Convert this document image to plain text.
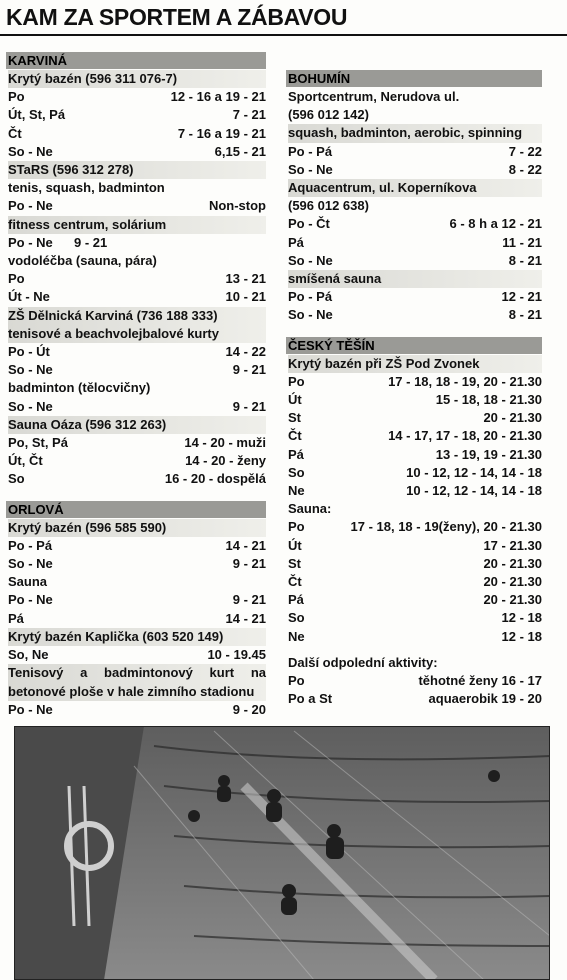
KAM ZA SPORTEM A ZÁBAVOU
KARVINÁ
Krytý bazén (596 311 076-7)
Po	12 - 16 a 19 - 21
Út, St, Pá	7 - 21
Čt	7 - 16 a 19 - 21
So - Ne	6,15 - 21
STaRS (596 312 278)
tenis, squash, badminton
Po - Ne	Non-stop
fitness centrum, solárium
Po - Ne	9 - 21
vodoléčba (sauna, pára)
Po	13 - 21
Út - Ne	10 - 21
ZŠ Dělnická Karviná (736 188 333) tenisové a beachvolejbalové kurty
Po - Út	14 - 22
So - Ne	9 - 21
badminton (tělocvičny)
So - Ne	9 - 21
Sauna Oáza (596 312 263)
Po, St, Pá	14 - 20 - muži
Út, Čt	14 - 20 - ženy
So	16 - 20 - dospělá
ORLOVÁ
Krytý bazén (596 585 590)
Po - Pá	14 - 21
So - Ne	9 - 21
Sauna
Po - Ne	9 - 21
Pá	14 - 21
Krytý bazén Kaplička (603 520 149)
So, Ne	10 - 19.45
Tenisový a badmintonový kurt na betonové ploše v hale zimního stadionu
Po - Ne	9 - 20
BOHUMÍN
Sportcentrum, Nerudova ul.
(596 012 142)
squash, badminton, aerobic, spinning
Po - Pá	7 - 22
So - Ne	8 - 22
Aquacentrum, ul. Koperníkova
(596 012 638)
Po - Čt	6 - 8 h a 12 - 21
Pá	11 - 21
So - Ne	8 - 21
smíšená sauna
Po - Pá	12 - 21
So - Ne	8 - 21
ČESKÝ TĚŠÍN
Krytý bazén při ZŠ Pod Zvonek
Po	17 - 18, 18 - 19, 20 - 21.30
Út	15 - 18, 18 - 21.30
St	20 - 21.30
Čt	14 - 17, 17 - 18, 20 - 21.30
Pá	13 - 19, 19 - 21.30
So	10 - 12, 12 - 14, 14 - 18
Ne	10 - 12, 12 - 14, 14 - 18
Sauna:
Po	17 - 18, 18 - 19(ženy), 20 - 21.30
Út	17 - 21.30
St	20 - 21.30
Čt	20 - 21.30
Pá	20 - 21.30
So	12 - 18
Ne	12 - 18
Další odpolední aktivity:
Po	těhotné ženy 16 - 17
Po a St	aquaerobik 19 - 20
